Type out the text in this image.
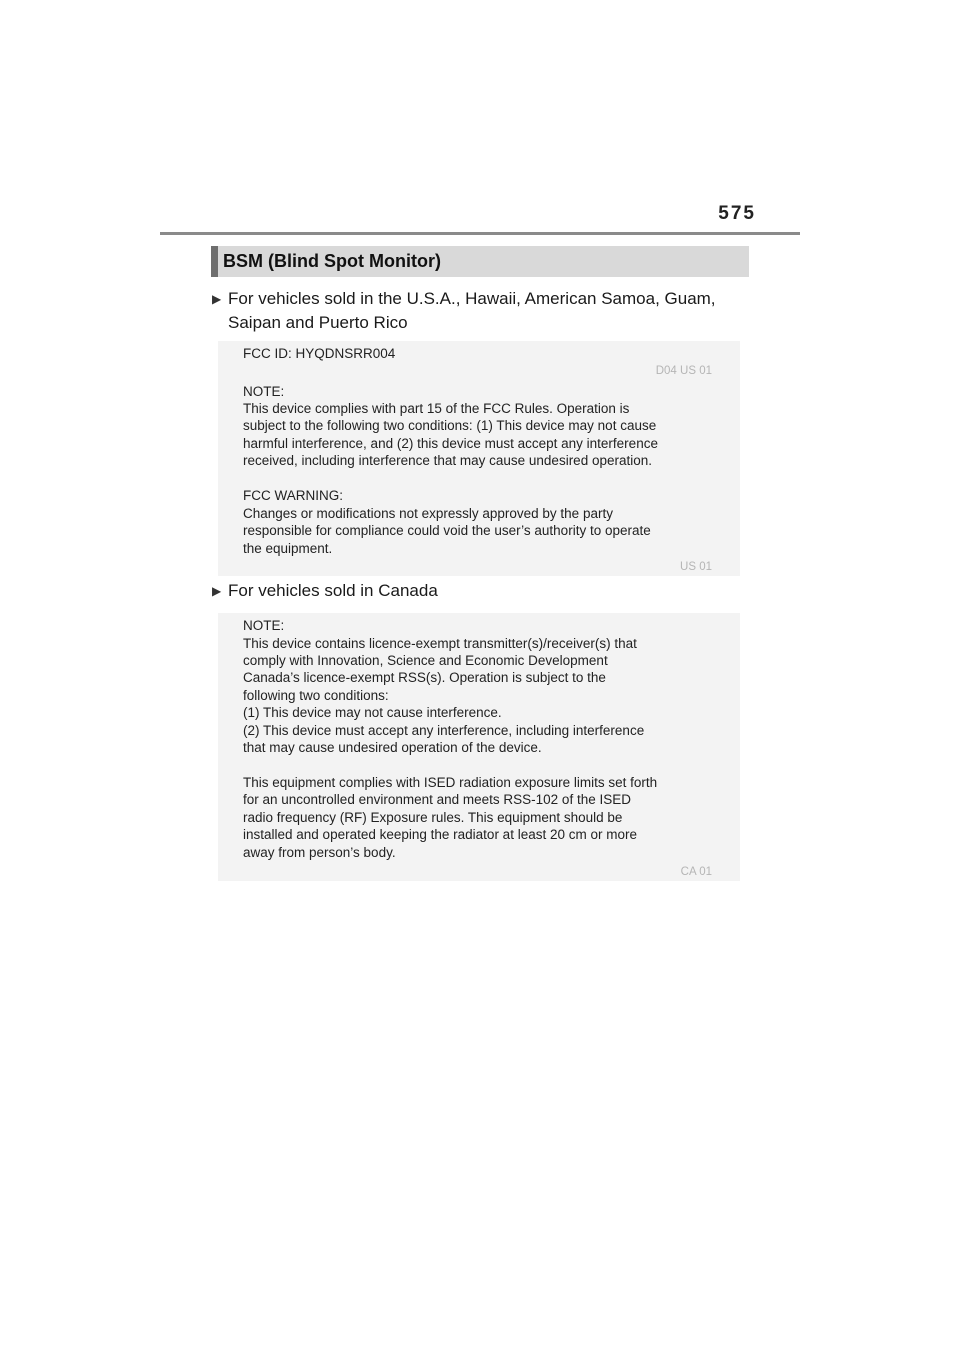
575
BSM (Blind Spot Monitor)
▶ For vehicles sold in the U.S.A., Hawaii, American Samoa, Guam,
Saipan and Puerto Rico
FCC ID: HYQDNSRR004
D04 US 01
NOTE:
This device complies with part 15 of the FCC Rules. Operation is
subject to the following two conditions: (1) This device may not cause
harmful interference, and (2) this device must accept any interference
received, including interference that may cause undesired operation.
FCC WARNING:
Changes or modifications not expressly approved by the party
responsible for compliance could void the user’s authority to operate
the equipment.
US 01
▶ For vehicles sold in Canada
NOTE:
This device contains licence-exempt transmitter(s)/receiver(s) that
comply with Innovation, Science and Economic Development
Canada’s licence-exempt RSS(s). Operation is subject to the
following two conditions:
(1) This device may not cause interference.
(2) This device must accept any interference, including interference
that may cause undesired operation of the device.
This equipment complies with ISED radiation exposure limits set forth
for an uncontrolled environment and meets RSS-102 of the ISED
radio frequency (RF) Exposure rules. This equipment should be
installed and operated keeping the radiator at least 20 cm or more
away from person’s body.
CA 01
